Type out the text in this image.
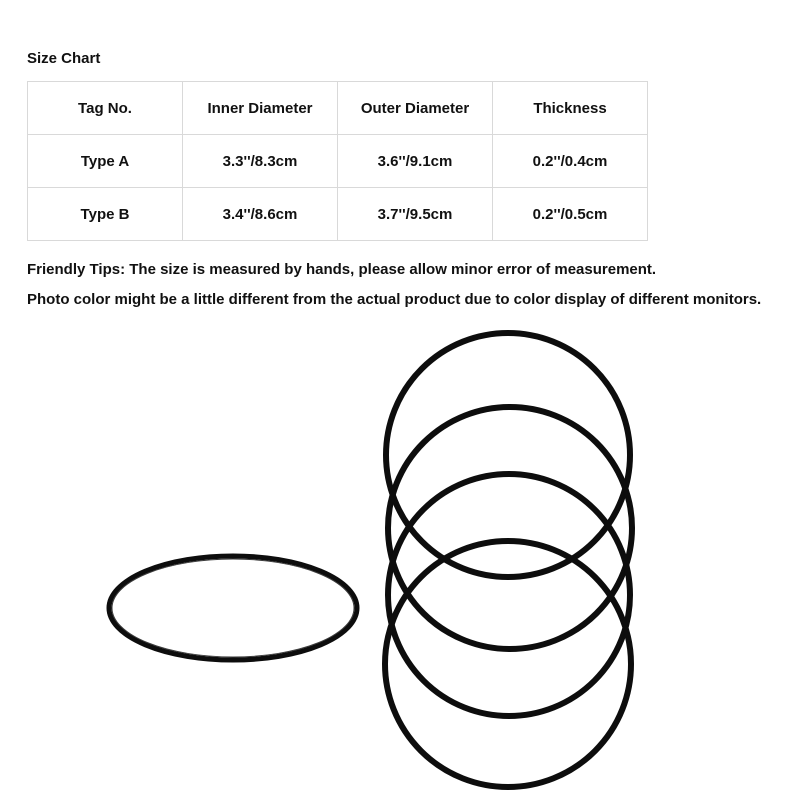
Size Chart
Tag No.	Inner Diameter	Outer Diameter	Thickness
Type A	3.3''/8.3cm	3.6''/9.1cm	0.2''/0.4cm
Type B	3.4''/8.6cm	3.7''/9.5cm	0.2''/0.5cm
Friendly Tips: The size is measured by hands, please allow minor error of measurement.
Photo color might be a little different from the actual product due to color display of different monitors.
